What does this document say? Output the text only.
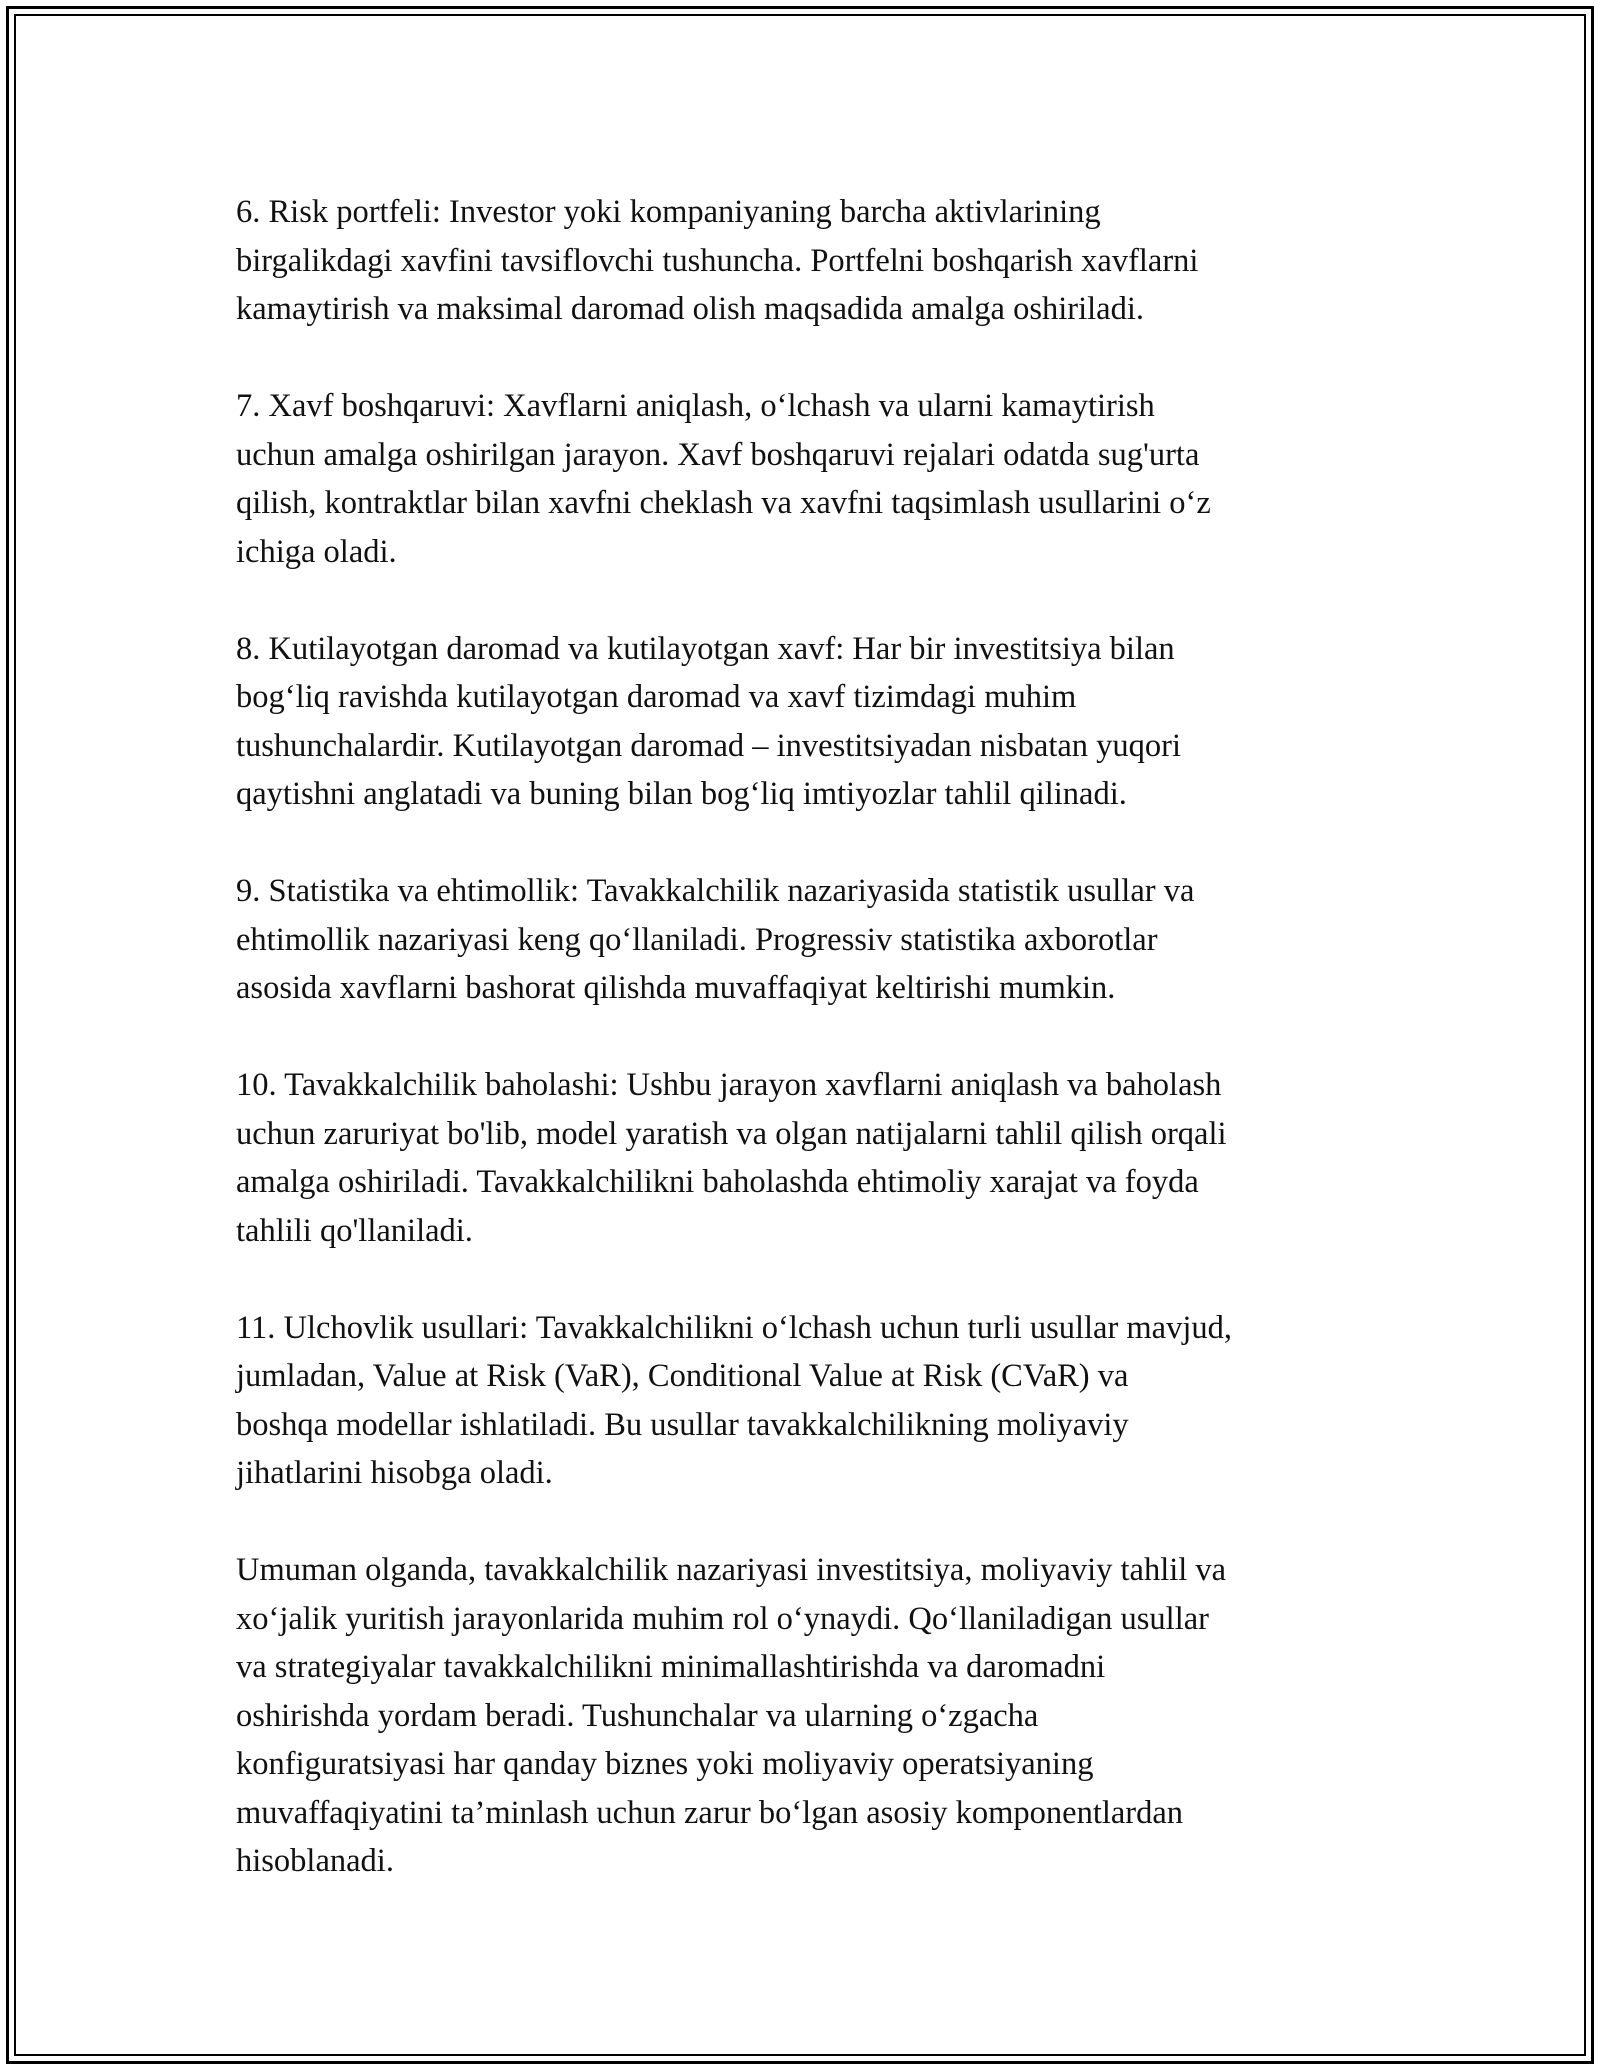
6. Risk portfeli: Investor yoki kompaniyaning barcha aktivlarining
birgalikdagi xavfini tavsiflovchi tushuncha. Portfelni boshqarish xavflarni
kamaytirish va maksimal daromad olish maqsadida amalga oshiriladi.

7. Xavf boshqaruvi: Xavflarni aniqlash, o‘lchash va ularni kamaytirish
uchun amalga oshirilgan jarayon. Xavf boshqaruvi rejalari odatda sug'urta
qilish, kontraktlar bilan xavfni cheklash va xavfni taqsimlash usullarini o‘z
ichiga oladi.

8. Kutilayotgan daromad va kutilayotgan xavf: Har bir investitsiya bilan
bog‘liq ravishda kutilayotgan daromad va xavf tizimdagi muhim
tushunchalardir. Kutilayotgan daromad – investitsiyadan nisbatan yuqori
qaytishni anglatadi va buning bilan bog‘liq imtiyozlar tahlil qilinadi.

9. Statistika va ehtimollik: Tavakkalchilik nazariyasida statistik usullar va
ehtimollik nazariyasi keng qo‘llaniladi. Progressiv statistika axborotlar
asosida xavflarni bashorat qilishda muvaffaqiyat keltirishi mumkin.

10. Tavakkalchilik baholashi: Ushbu jarayon xavflarni aniqlash va baholash
uchun zaruriyat bo'lib, model yaratish va olgan natijalarni tahlil qilish orqali
amalga oshiriladi. Tavakkalchilikni baholashda ehtimoliy xarajat va foyda
tahlili qo'llaniladi.

11. Ulchovlik usullari: Tavakkalchilikni o‘lchash uchun turli usullar mavjud,
jumladan, Value at Risk (VaR), Conditional Value at Risk (CVaR) va
boshqa modellar ishlatiladi. Bu usullar tavakkalchilikning moliyaviy
jihatlarini hisobga oladi.

Umuman olganda, tavakkalchilik nazariyasi investitsiya, moliyaviy tahlil va
xo‘jalik yuritish jarayonlarida muhim rol o‘ynaydi. Qo‘llaniladigan usullar
va strategiyalar tavakkalchilikni minimallashtirishda va daromadni
oshirishda yordam beradi. Tushunchalar va ularning o‘zgacha
konfiguratsiyasi har qanday biznes yoki moliyaviy operatsiyaning
muvaffaqiyatini ta’minlash uchun zarur bo‘lgan asosiy komponentlardan
hisoblanadi.
